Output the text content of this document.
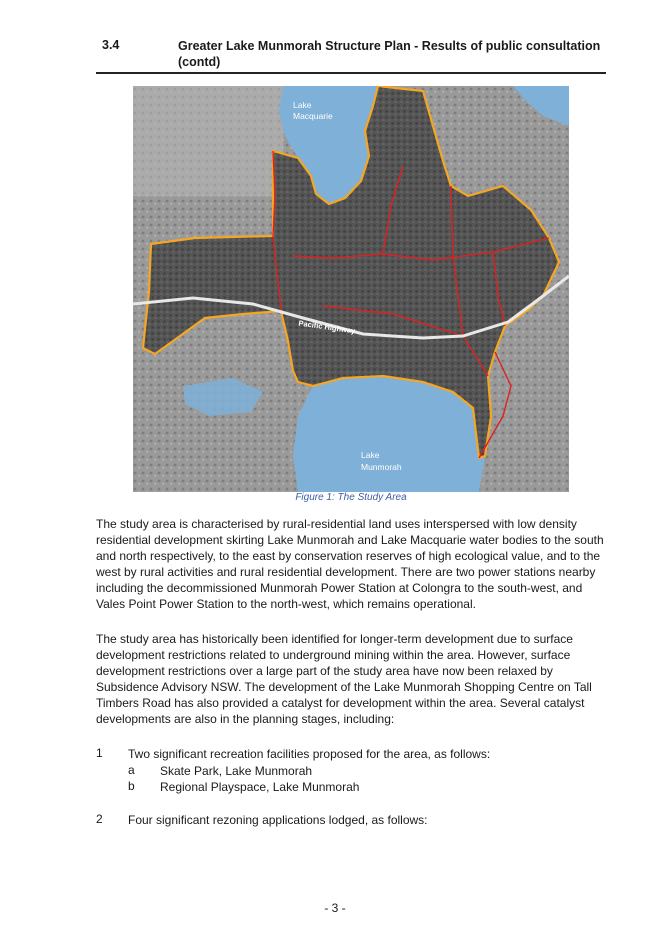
3.4	Greater Lake Munmorah Structure Plan - Results of public consultation (contd)
Lake
Macquarie
Lake
Munmorah
Pacific Highway
Figure 1: The Study Area

The study area is characterised by rural-residential land uses interspersed with low density residential development skirting Lake Munmorah and Lake Macquarie water bodies to the south and north respectively, to the east by conservation reserves of high ecological value, and to the west by rural activities and rural residential development. There are two power stations nearby including the decommissioned Munmorah Power Station at Colongra to the south-west, and Vales Point Power Station to the north-west, which remains operational.

The study area has historically been identified for longer-term development due to surface development restrictions related to underground mining within the area. However, surface development restrictions over a large part of the study area have now been relaxed by Subsidence Advisory NSW. The development of the Lake Munmorah Shopping Centre on Tall Timbers Road has also provided a catalyst for development within the area. Several catalyst developments are also in the planning stages, including:

1 Two significant recreation facilities proposed for the area, as follows:
a Skate Park, Lake Munmorah
b Regional Playspace, Lake Munmorah
2 Four significant rezoning applications lodged, as follows:
- 3 -
